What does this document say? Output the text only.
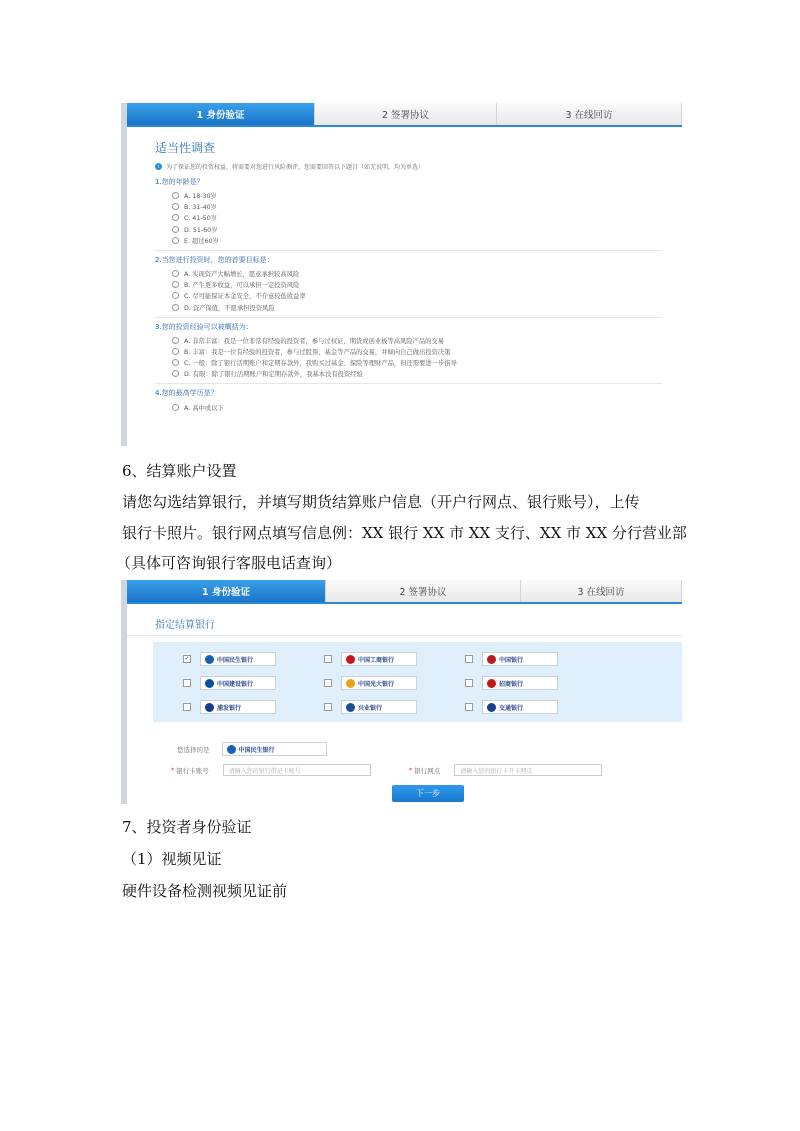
1 身份验证	2 签署协议	3 在线回访
适当性调查
i	为了保证您的投资权益，将需要对您进行风险测评，您需要回答以下题目（如无说明，均为单选）
1.您的年龄是？
A. 18-30岁
B. 31-40岁
C. 41-50岁
D. 51-60岁
E. 超过60岁
2.当您进行投资时，您的首要目标是：
A. 实现资产大幅增长，愿意承担较高风险
B. 产生更多收益，可以承担一定投资风险
C. 尽可能保证本金安全，不介意较低收益率
D. 资产保值，不愿承担投资风险
3.您的投资经验可以被概括为：
A. 非常丰富：我是一位非常有经验的投资者，参与过权证、期货或创业板等高风险产品的交易
B. 丰富：我是一位有经验的投资者，参与过股票、基金等产品的交易，并倾向自己做出投资决策
C. 一般：除了银行活期账户和定期存款外，我购买过基金、保险等理财产品，但还需要进一步指导
D. 有限：除了银行活期账户和定期存款外，我基本没有投资经验
4.您的最高学历是？
A. 高中或以下
6、结算账户设置
请您勾选结算银行，并填写期货结算账户信息（开户行网点、银行账号），上传
银行卡照片。银行网点填写信息例：XX 银行 XX 市 XX 支行、XX 市 XX 分行营业部
（具体可咨询银行客服电话查询）
1 身份验证	2 签署协议	3 在线回访
指定结算银行
✓	中国民生银行	中国工商银行	中国银行
中国建设银行	中国光大银行	招商银行
浦发银行	兴业银行	交通银行
您选择的是	中国民生银行
* 银行卡账号	请输入您的银行借记卡账号	* 银行网点	请输入您的银行卡开卡网点
下一步
7、投资者身份验证
（1）视频见证
硬件设备检测视频见证前
